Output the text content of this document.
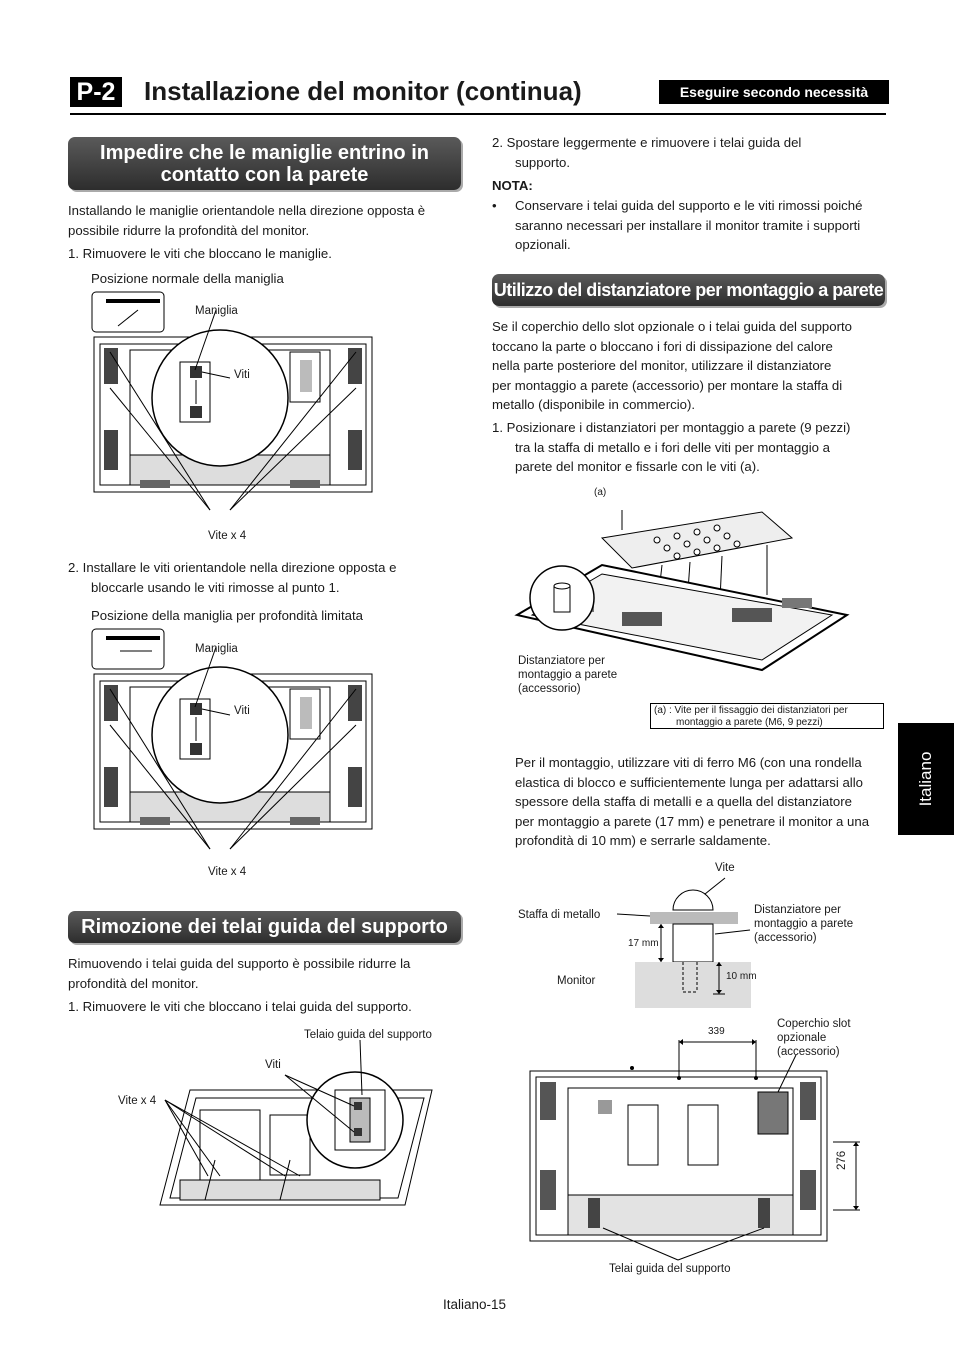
P-2 Installazione del monitor (continua)	Eseguire secondo necessità
Italiano
Impedire che le maniglie entrino in
contatto con la parete
Installando le maniglie orientandole nella direzione opposta è
possibile ridurre la profondità del monitor.
1. Rimuovere le viti che bloccano le maniglie.
Posizione normale della maniglia
Maniglia
Viti
Vite x 4
2. Installare le viti orientandole nella direzione opposta e
bloccarle usando le viti rimosse al punto 1.
Posizione della maniglia per profondità limitata
Maniglia
Viti
Vite x 4
Rimozione dei telai guida del supporto
Rimuovendo i telai guida del supporto è possibile ridurre la
profondità del monitor.
1. Rimuovere le viti che bloccano i telai guida del supporto.
Telaio guida del supporto
Viti
Vite x 4
2. Spostare leggermente e rimuovere i telai guida del
supporto.
NOTA:
• Conservare i telai guida del supporto e le viti rimossi poiché
saranno necessari per installare il monitor tramite i supporti
opzionali.
Utilizzo del distanziatore per montaggio a parete
Se il coperchio dello slot opzionale o i telai guida del supporto
toccano la parte o bloccano i fori di dissipazione del calore
nella parte posteriore del monitor, utilizzare il distanziatore
per montaggio a parete (accessorio) per montare la staffa di
metallo (disponibile in commercio).
1. Posizionare i distanziatori per montaggio a parete (9 pezzi)
tra la staffa di metallo e i fori delle viti per montaggio a
parete del monitor e fissarle con le viti (a).
(a)
Distanziatore per
montaggio a parete
(accessorio)
(a) : Vite per il fissaggio dei distanziatori per
montaggio a parete (M6, 9 pezzi)
Per il montaggio, utilizzare viti di ferro M6 (con una rondella
elastica di blocco e sufficientemente lunga per adattarsi allo
spessore della staffa di metalli e a quella del distanziatore
per montaggio a parete (17 mm) e penetrare il monitor a una
profondità di 10 mm) e serrarle saldamente.
Vite
Staffa di metallo	Distanziatore per
montaggio a parete
(accessorio)
17 mm
Monitor	10 mm
339
Coperchio slot
opzionale
(accessorio)
276
Telai guida del supporto
Italiano-15
